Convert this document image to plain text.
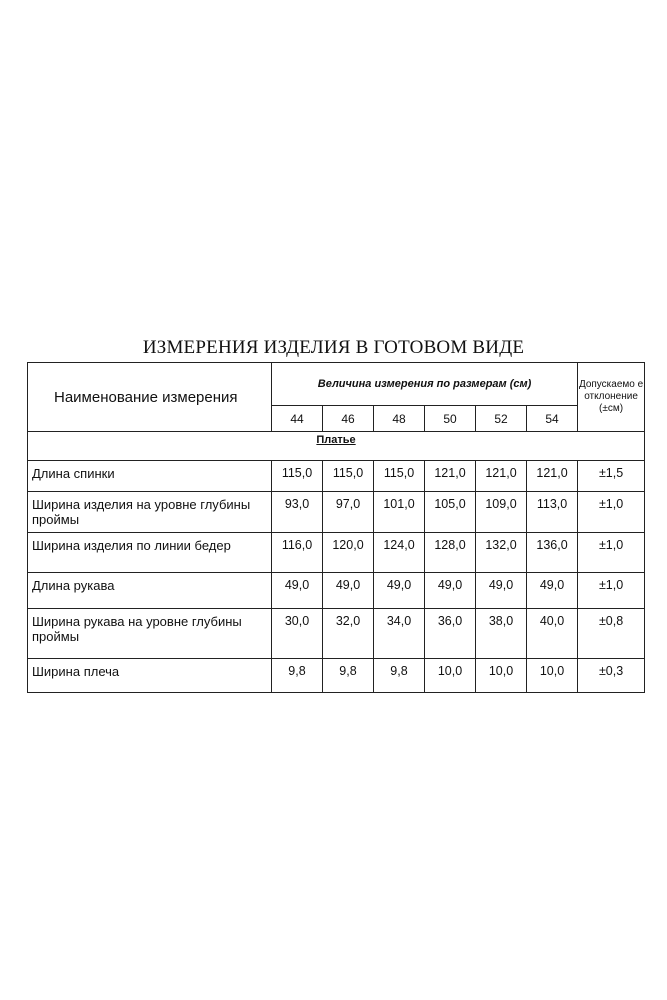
ИЗМЕРЕНИЯ ИЗДЕЛИЯ В ГОТОВОМ ВИДЕ
Наименование измерения	Величина измерения по размерам (см)						Допускаемо е отклонение (±см)
	44	46	48	50	52	54	
Платье							
Длина спинки	115,0	115,0	115,0	121,0	121,0	121,0	±1,5
Ширина изделия на уровне глубины проймы	93,0	97,0	101,0	105,0	109,0	113,0	±1,0
Ширина изделия по линии бедер	116,0	120,0	124,0	128,0	132,0	136,0	±1,0
Длина рукава	49,0	49,0	49,0	49,0	49,0	49,0	±1,0
Ширина рукава на уровне глубины проймы	30,0	32,0	34,0	36,0	38,0	40,0	±0,8
Ширина плеча	9,8	9,8	9,8	10,0	10,0	10,0	±0,3
